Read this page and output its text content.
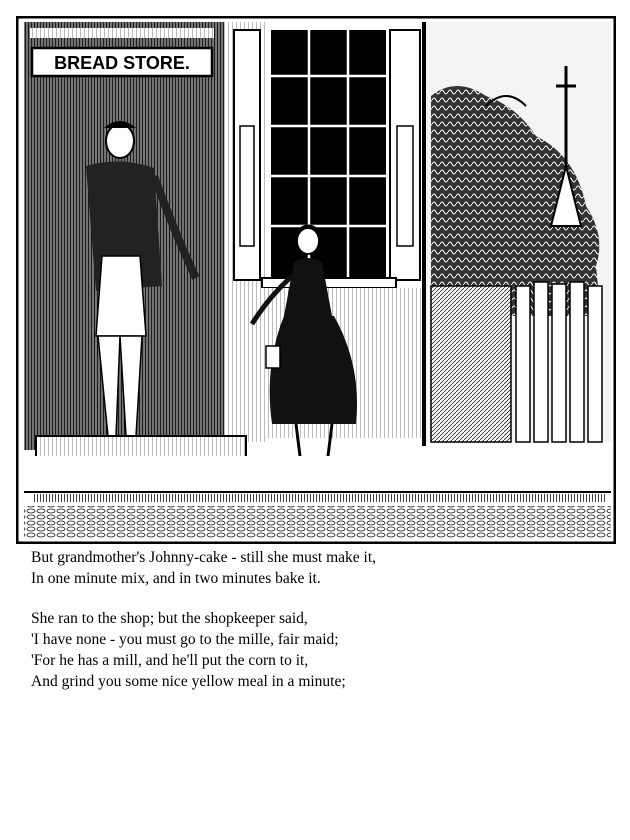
BREAD STORE.
But grandmother's Johnny-cake - still she must make it,
In one minute mix, and in two minutes bake it.
She ran to the shop; but the shopkeeper said,
'I have none - you must go to the mille, fair maid;
'For he has a mill, and he'll put the corn to it,
And grind you some nice yellow meal in a minute;
